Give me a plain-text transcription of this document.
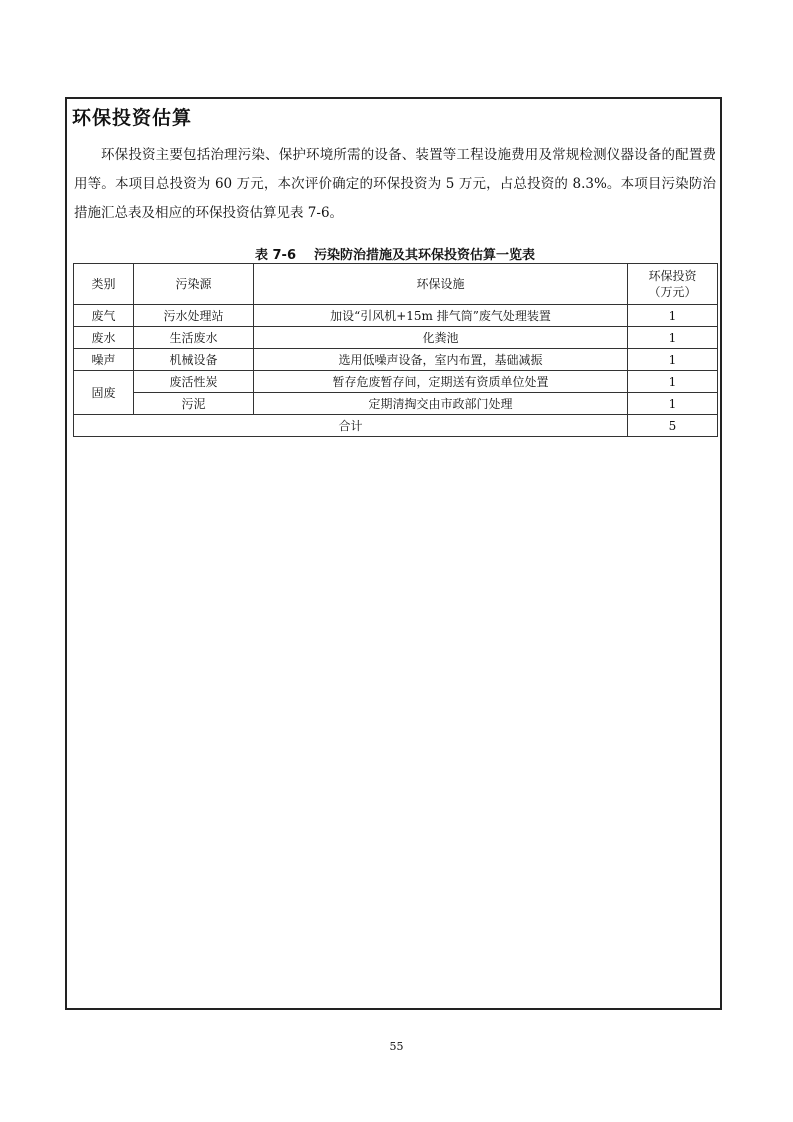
环保投资估算

环保投资主要包括治理污染、保护环境所需的设备、装置等工程设施费用及常规检测仪器设备的配置费用等。本项目总投资为 60 万元，本次评价确定的环保投资为 5 万元，占总投资的 8.3%。本项目污染防治措施汇总表及相应的环保投资估算见表 7-6。

表 7-6 污染防治措施及其环保投资估算一览表
类别	污染源	环保设施	环保投资
（万元）
废气	污水处理站	加设“引风机+15m 排气筒”废气处理装置	1
废水	生活废水	化粪池	1
噪声	机械设备	选用低噪声设备，室内布置，基础减振	1
固废	废活性炭	暂存危废暂存间，定期送有资质单位处置	1
	污泥	定期清掏交由市政部门处理	1
合计			5
55
